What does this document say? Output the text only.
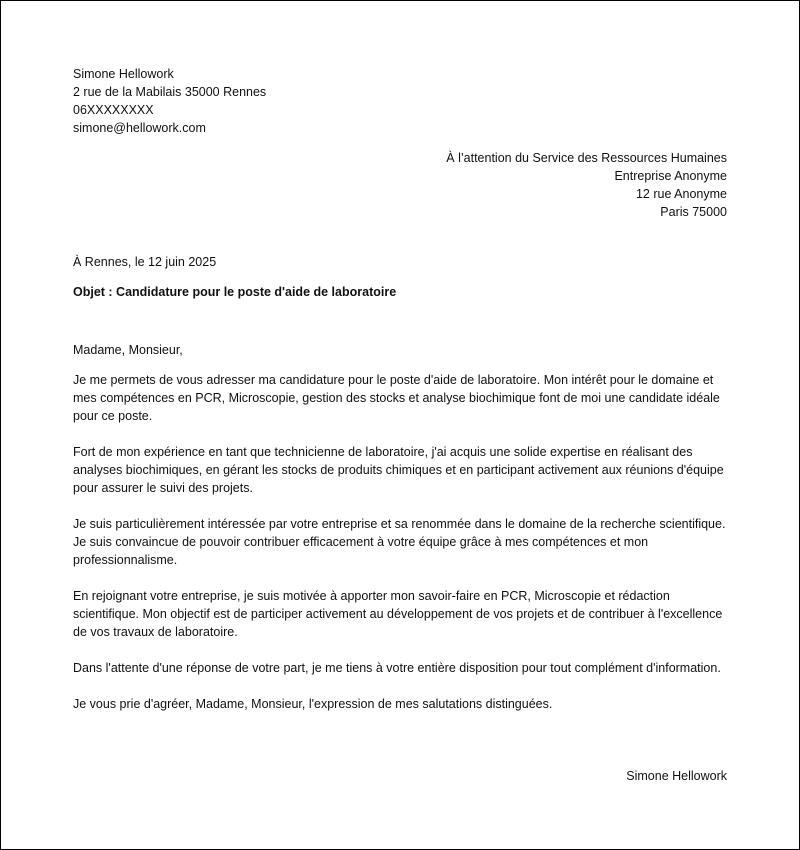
Simone Hellowork
2 rue de la Mabilais 35000 Rennes
06XXXXXXXX
simone@hellowork.com
À l’attention du Service des Ressources Humaines
Entreprise Anonyme
12 rue Anonyme
Paris 75000
À Rennes, le 12 juin 2025
Objet : Candidature pour le poste d'aide de laboratoire
Madame, Monsieur,

Je me permets de vous adresser ma candidature pour le poste d'aide de laboratoire. Mon intérêt pour le domaine et mes compétences en PCR, Microscopie, gestion des stocks et analyse biochimique font de moi une candidate idéale pour ce poste.

Fort de mon expérience en tant que technicienne de laboratoire, j'ai acquis une solide expertise en réalisant des analyses biochimiques, en gérant les stocks de produits chimiques et en participant activement aux réunions d'équipe pour assurer le suivi des projets.

Je suis particulièrement intéressée par votre entreprise et sa renommée dans le domaine de la recherche scientifique. Je suis convaincue de pouvoir contribuer efficacement à votre équipe grâce à mes compétences et mon professionnalisme.

En rejoignant votre entreprise, je suis motivée à apporter mon savoir-faire en PCR, Microscopie et rédaction scientifique. Mon objectif est de participer activement au développement de vos projets et de contribuer à l'excellence de vos travaux de laboratoire.

Dans l'attente d'une réponse de votre part, je me tiens à votre entière disposition pour tout complément d'information.

Je vous prie d'agréer, Madame, Monsieur, l'expression de mes salutations distinguées.

Simone Hellowork
